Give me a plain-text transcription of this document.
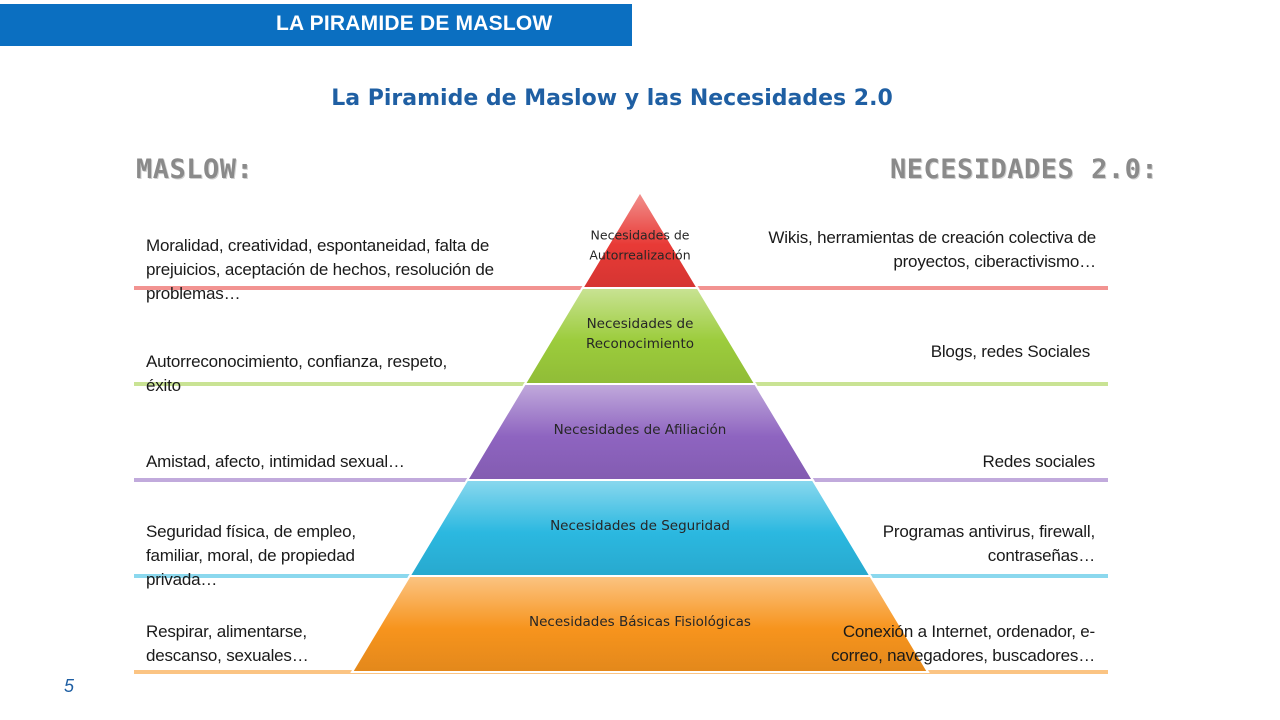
LA PIRAMIDE DE MASLOW
La Piramide de Maslow y las Necesidades 2.0
MASLOW:	NECESIDADES 2.0:
Necesidades de
Autorrealización
Necesidades de
Reconocimiento
Necesidades de Afiliación
Necesidades de Seguridad
Necesidades Básicas Fisiológicas
Moralidad, creatividad, espontaneidad, falta de prejuicios, aceptación de hechos, resolución de problemas…
Wikis, herramientas de creación colectiva de proyectos, ciberactivismo…
Autorreconocimiento, confianza, respeto, éxito
Blogs, redes Sociales
Amistad, afecto, intimidad sexual…	Redes sociales
Seguridad física, de empleo, familiar, moral, de propiedad privada…
Programas antivirus, firewall, contraseñas…
Respirar, alimentarse, descanso, sexuales…
Conexión a Internet, ordenador, e-correo, navegadores, buscadores…
5
